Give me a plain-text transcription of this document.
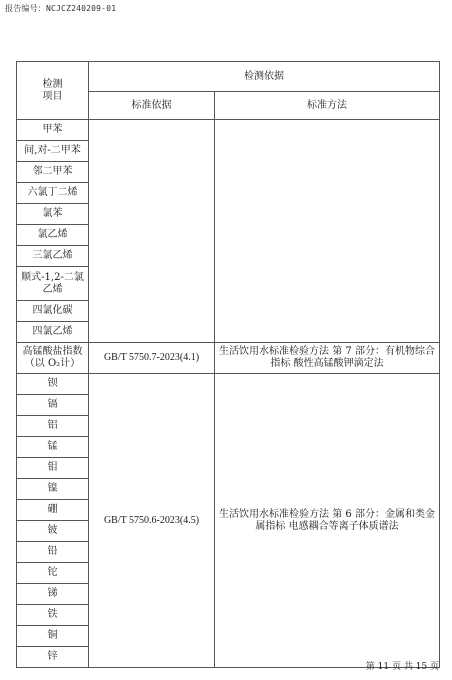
报告编号：NCJCZ240209-01
检测
项目	检测依据	
	标准依据	标准方法
甲苯		
间,对-二甲苯		
邻二甲苯		
六氯丁二烯		
氯苯		
氯乙烯		
三氯乙烯		
顺式-1,2-二氯乙烯		
四氯化碳		
四氯乙烯		
高锰酸盐指数（以 O₂计）	GB/T 5750.7-2023(4.1)	生活饮用水标准检验方法 第 7 部分：有机物综合指标 酸性高锰酸钾滴定法
钡	GB/T 5750.6-2023(4.5)	生活饮用水标准检验方法 第 6 部分：金属和类金属指标 电感耦合等离子体质谱法
镉		
铝		
锰		
钼		
镍		
硼		
铍		
铅		
铊		
锑		
铁		
铜		
锌		
第 11 页 共 15 页
